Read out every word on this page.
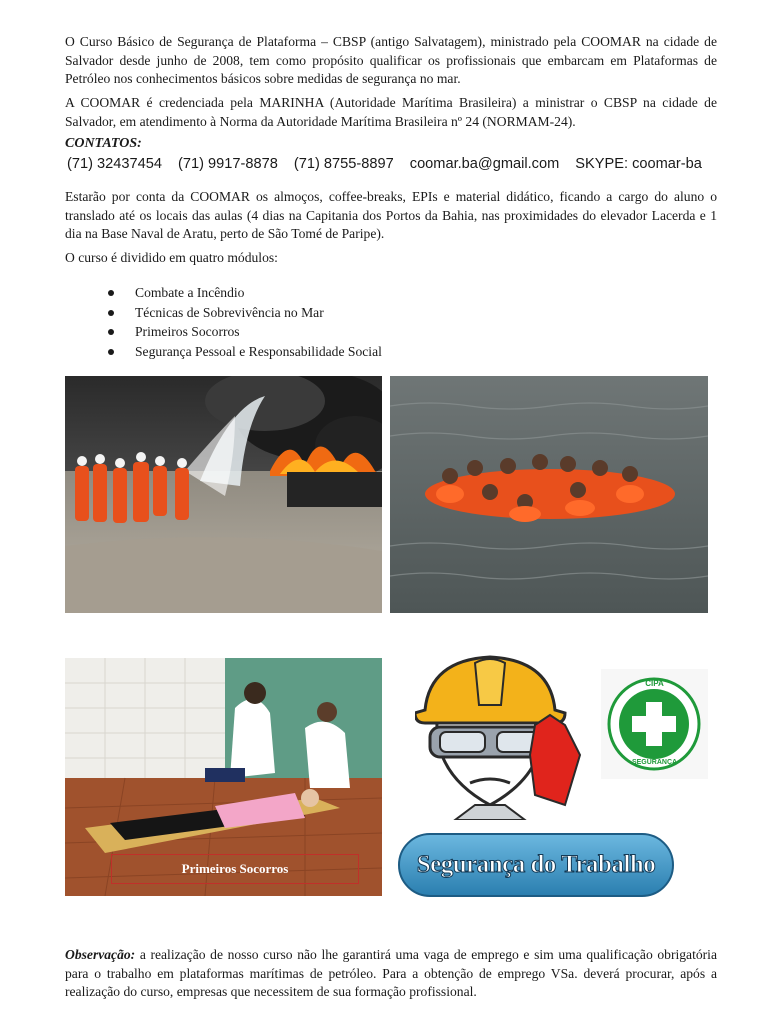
O Curso Básico de Segurança de Plataforma – CBSP (antigo Salvatagem), ministrado pela COOMAR na cidade de Salvador desde junho de 2008, tem como propósito qualificar os profissionais que embarcam em Plataformas de Petróleo nos conhecimentos básicos sobre medidas de segurança no mar.

A COOMAR é credenciada pela MARINHA (Autoridade Marítima Brasileira) a ministrar o CBSP na cidade de Salvador, em atendimento à Norma da Autoridade Marítima Brasileira nº 24 (NORMAM-24).

CONTATOS:

(71) 32437454 (71) 9917-8878 (71) 8755-8897 coomar.ba@gmail.com SKYPE: coomar-ba

Estarão por conta da COOMAR os almoços, coffee-breaks, EPIs e material didático, ficando a cargo do aluno o translado até os locais das aulas (4 dias na Capitania dos Portos da Bahia, nas proximidades do elevador Lacerda e 1 dia na Base Naval de Aratu, perto de São Tomé de Paripe).

O curso é dividido em quatro módulos:

Combate a Incêndio
Técnicas de Sobrevivência no Mar
Primeiros Socorros
Segurança Pessoal e Responsabilidade Social
Primeiros Socorros
CIPA
SEGURANÇA
Segurança do Trabalho

Observação: a realização de nosso curso não lhe garantirá uma vaga de emprego e sim uma qualificação obrigatória para o trabalho em plataformas marítimas de petróleo. Para a obtenção de emprego VSa. deverá procurar, após a realização do curso, empresas que necessitem de sua formação profissional.
